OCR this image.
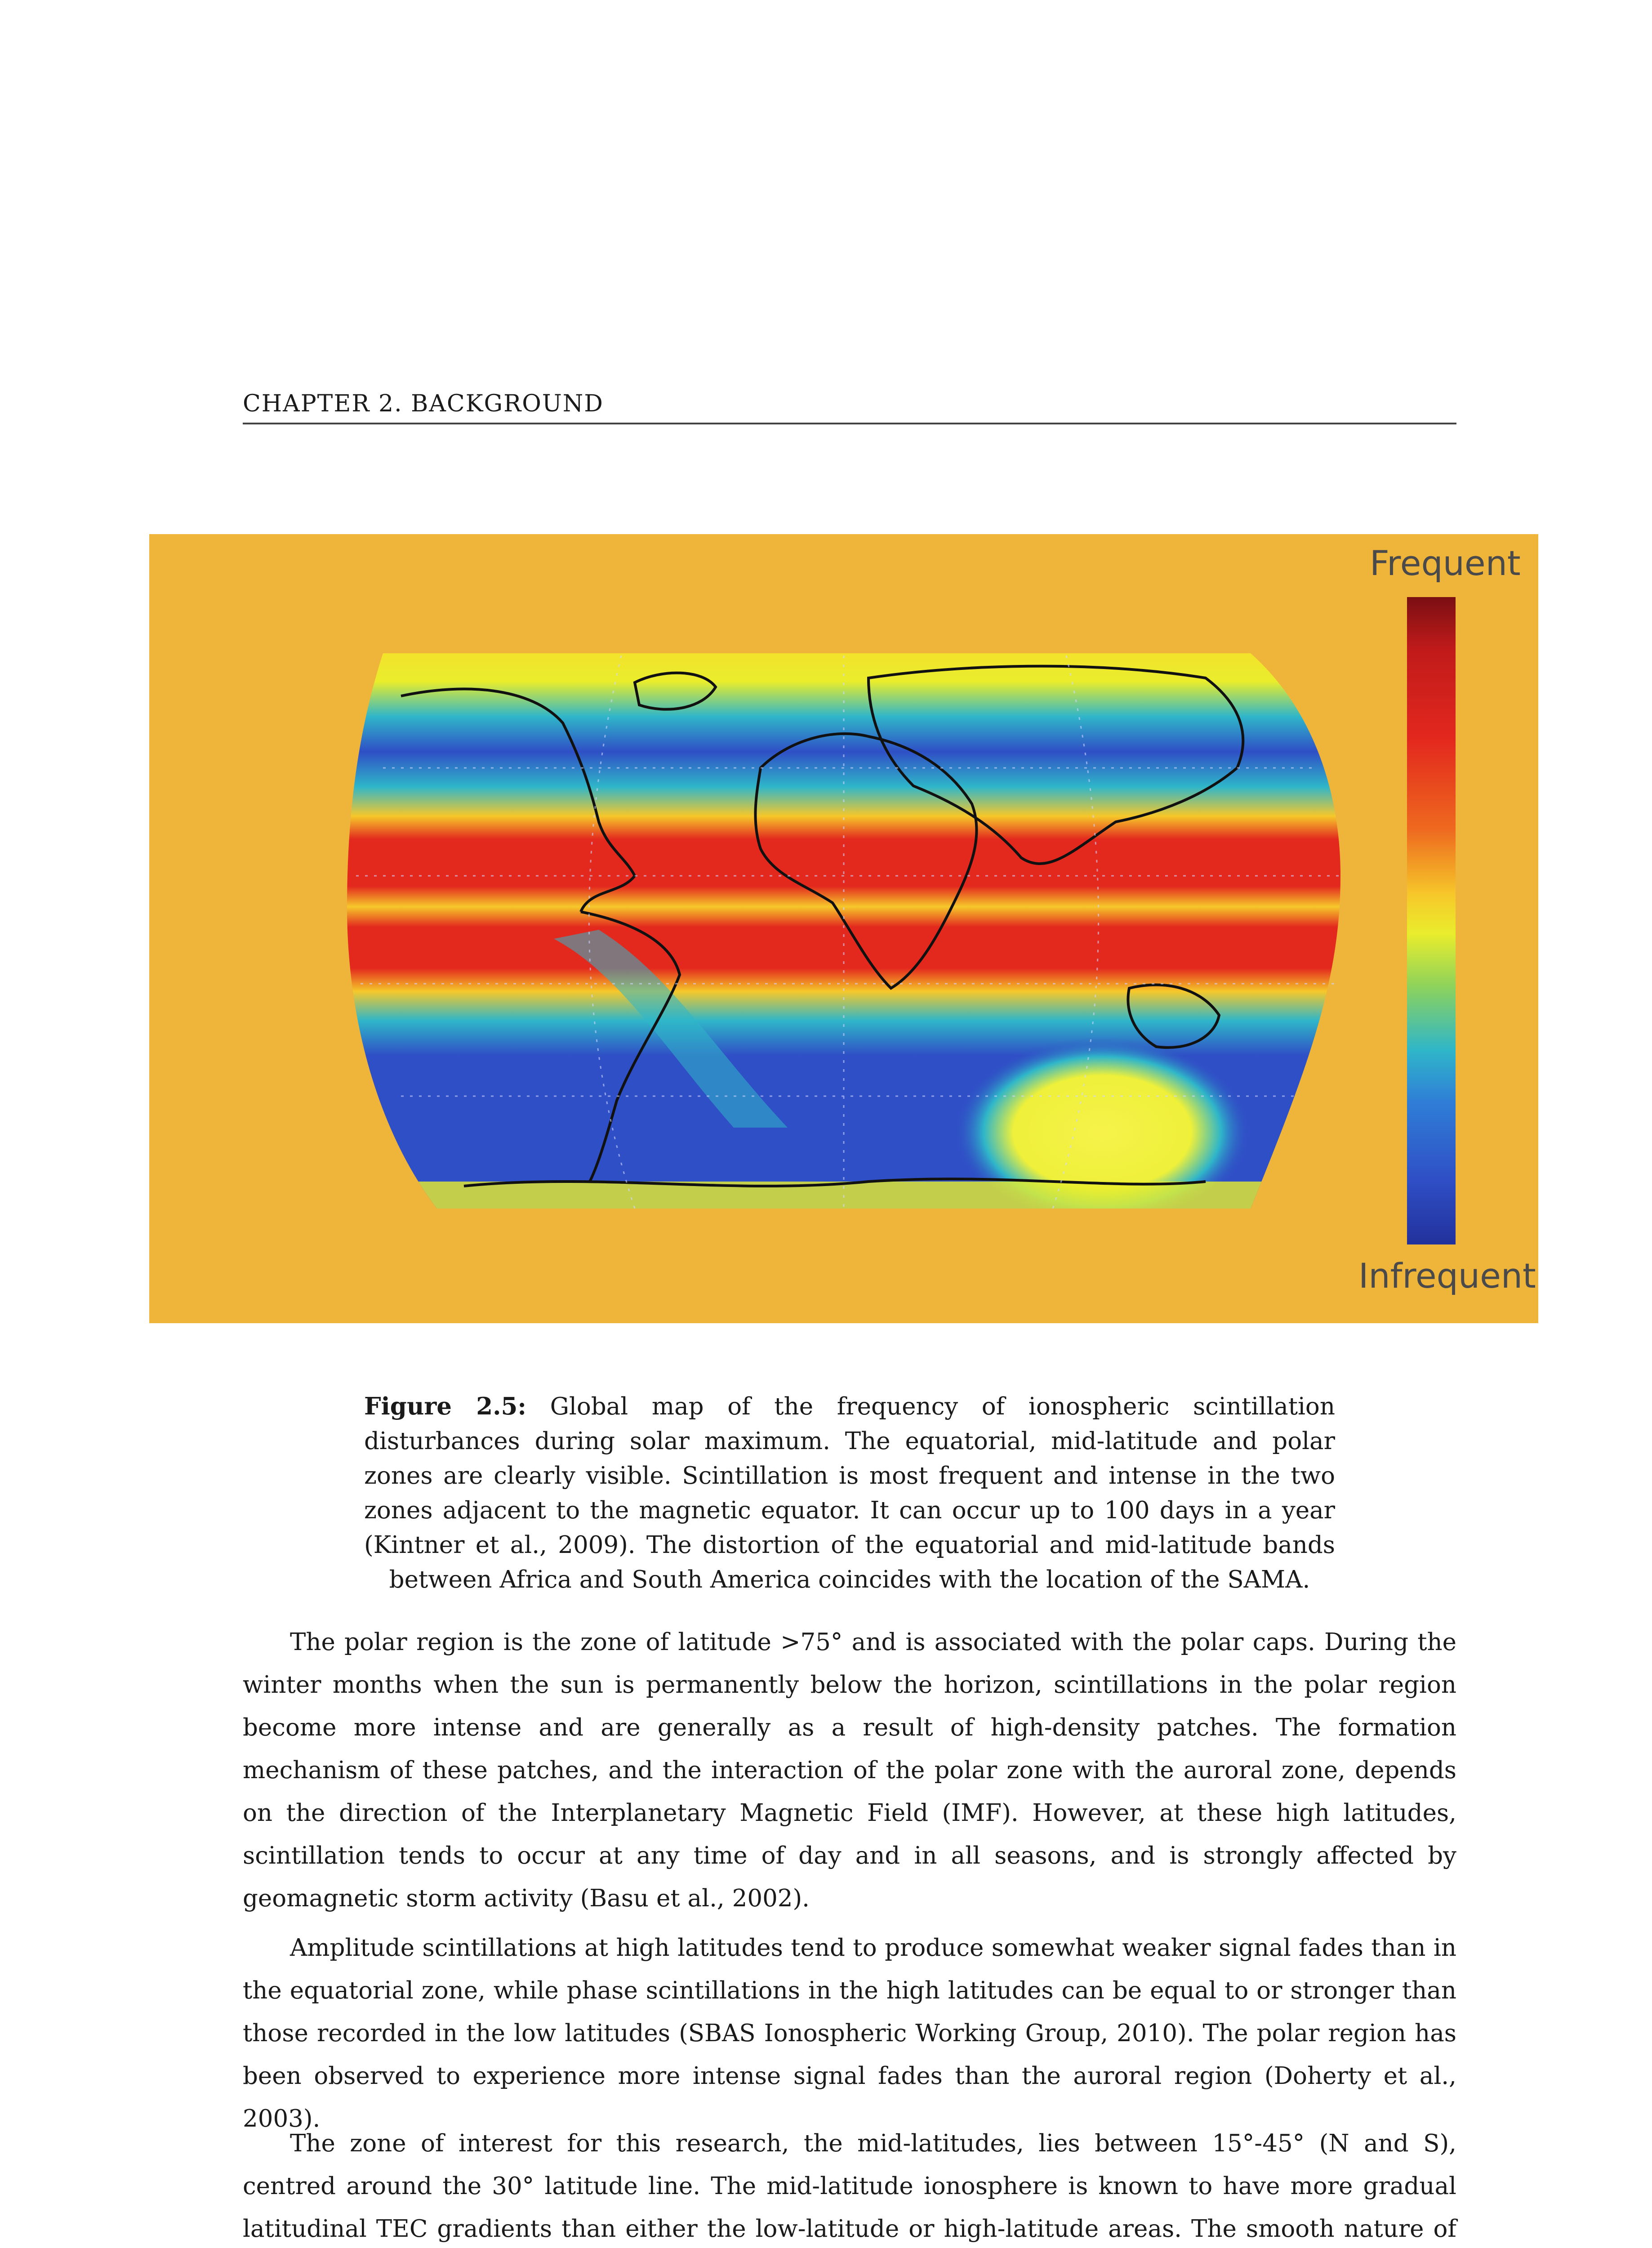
CHAPTER 2. BACKGROUND
Frequent
Infrequent
Figure 2.5: Global map of the frequency of ionospheric scintillation disturbances during solar maximum. The equatorial, mid-latitude and polar zones are clearly visible. Scintillation is most frequent and intense in the two zones adjacent to the magnetic equator. It can occur up to 100 days in a year (Kintner et al., 2009). The distortion of the equatorial and mid-latitude bands between Africa and South America coincides with the location of the SAMA.

The polar region is the zone of latitude >75° and is associated with the polar caps. During the winter months when the sun is permanently below the horizon, scintillations in the polar region become more intense and are generally as a result of high-density patches. The formation mechanism of these patches, and the interaction of the polar zone with the auroral zone, depends on the direction of the Interplanetary Magnetic Field (IMF). However, at these high latitudes, scintillation tends to occur at any time of day and in all seasons, and is strongly affected by geomagnetic storm activity (Basu et al., 2002).

Amplitude scintillations at high latitudes tend to produce somewhat weaker signal fades than in the equatorial zone, while phase scintillations in the high latitudes can be equal to or stronger than those recorded in the low latitudes (SBAS Ionospheric Working Group, 2010). The polar region has been observed to experience more intense signal fades than the auroral region (Doherty et al., 2003).

The zone of interest for this research, the mid-latitudes, lies between 15°-45° (N and S), centred around the 30° latitude line. The mid-latitude ionosphere is known to have more gradual latitudinal TEC gradients than either the low-latitude or high-latitude areas. The smooth nature of
